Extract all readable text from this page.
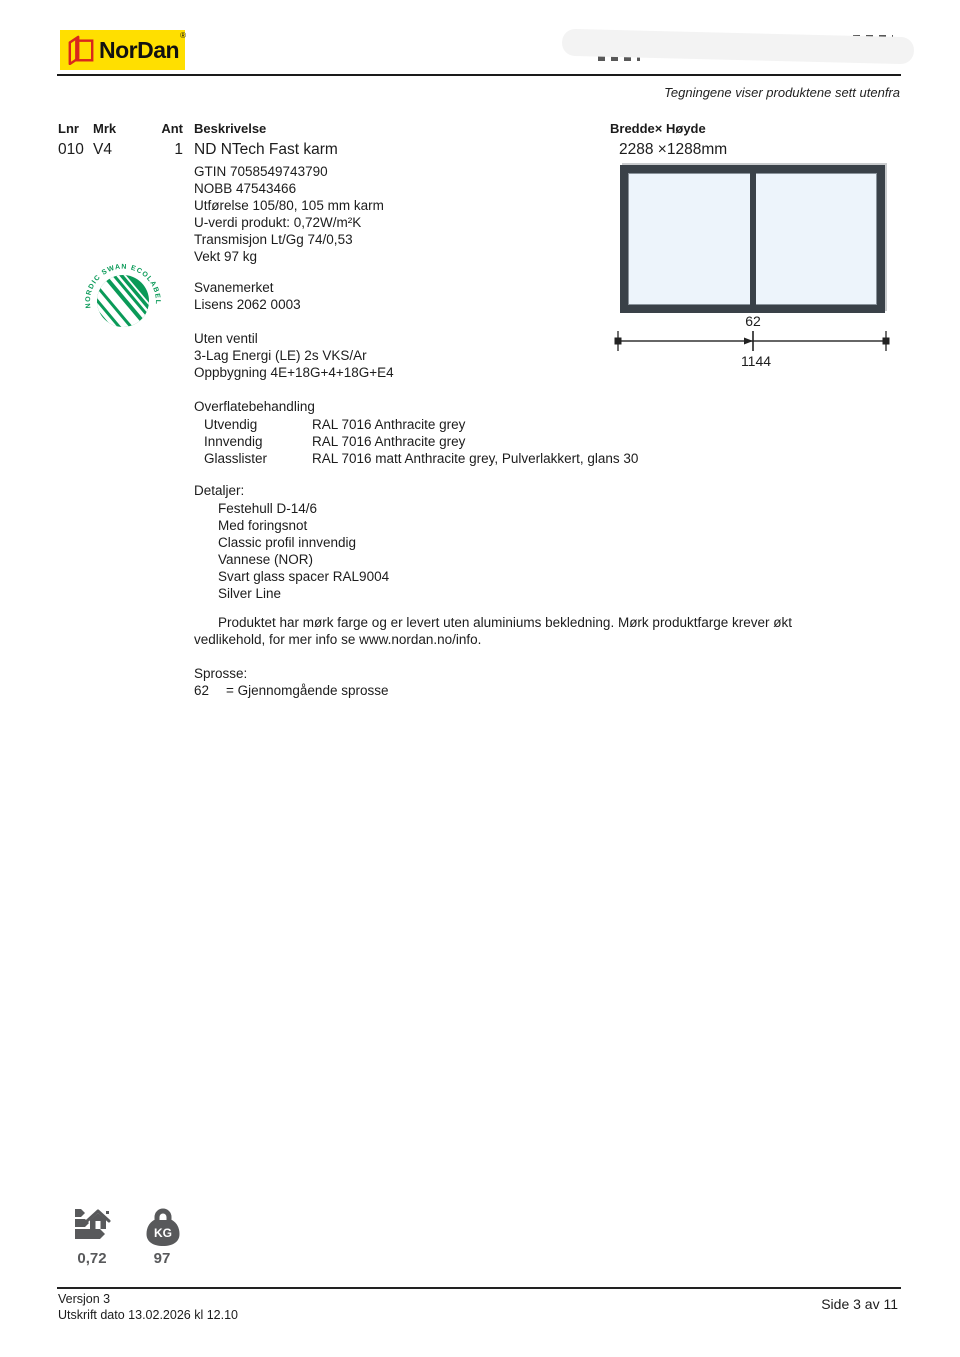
NorDan®
Tegningene viser produktene sett utenfra
Lnr Mrk	Ant Beskrivelse	Bredde× Høyde
010 V4	1 ND NTech Fast karm	2288 ×1288mm
GTIN 7058549743790
NOBB 47543466
Utførelse 105/80, 105 mm karm
U-verdi produkt: 0,72W/m²K
Transmisjon Lt/Gg 74/0,53
Vekt 97 kg
NORDIC SWAN ECOLABEL
Svanemerket
Lisens 2062 0003
Uten ventil
3-Lag Energi (LE) 2s VKS/Ar
Oppbygning 4E+18G+4+18G+E4
Overflatebehandling
Utvendig	RAL 7016 Anthracite grey
Innvendig	RAL 7016 Anthracite grey
Glasslister	RAL 7016 matt Anthracite grey, Pulverlakkert, glans 30
Detaljer:
Festehull D-14/6
Med foringsnot
Classic profil innvendig
Vannese (NOR)
Svart glass spacer RAL9004
Silver Line
Produktet har mørk farge og er levert uten aluminiums bekledning. Mørk produktfarge krever økt vedlikehold, for mer info se www.nordan.no/info.
Sprosse:
62 = Gjennomgående sprosse
62
1144
0,72
KG
97
Versjon 3
Utskrift dato 13.02.2026 kl 12.10
Side 3 av 11
